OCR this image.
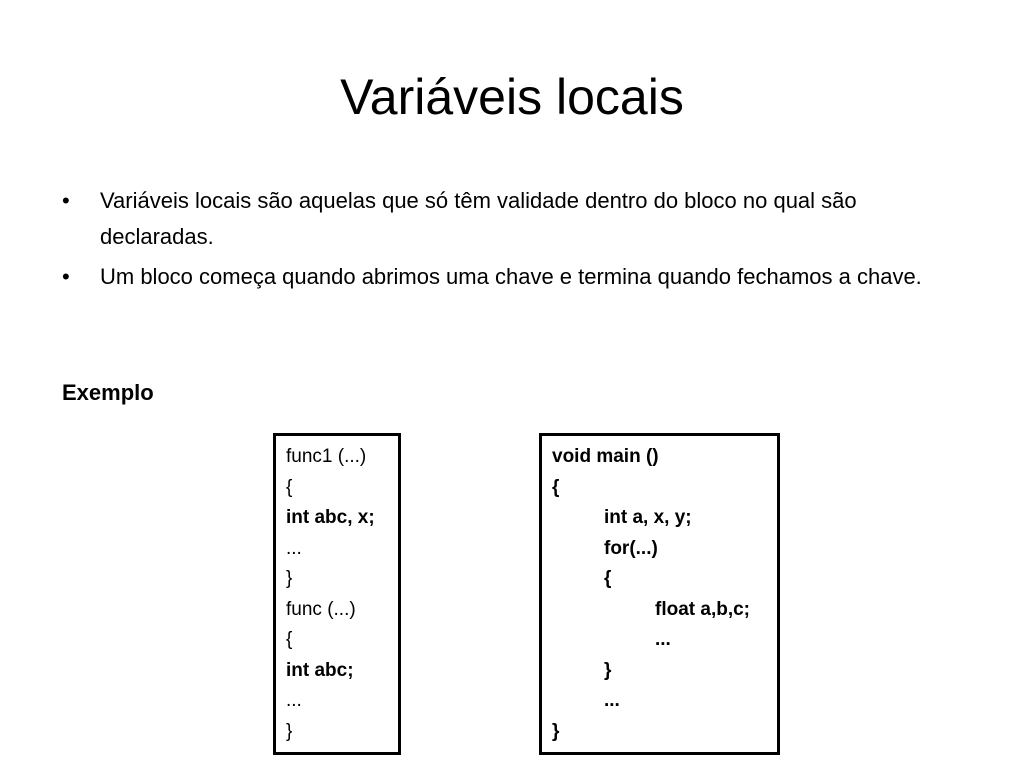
Variáveis locais
• Variáveis locais são aquelas que só têm validade dentro do bloco no qual são declaradas.
• Um bloco começa quando abrimos uma chave e termina quando fechamos a chave.
Exemplo
func1 (...)
{
int abc, x;
...
}
func (...)
{
int abc;
...
}
void main ()
{
int a, x, y;
for(...)
{
float a,b,c;
...
}
...
}
